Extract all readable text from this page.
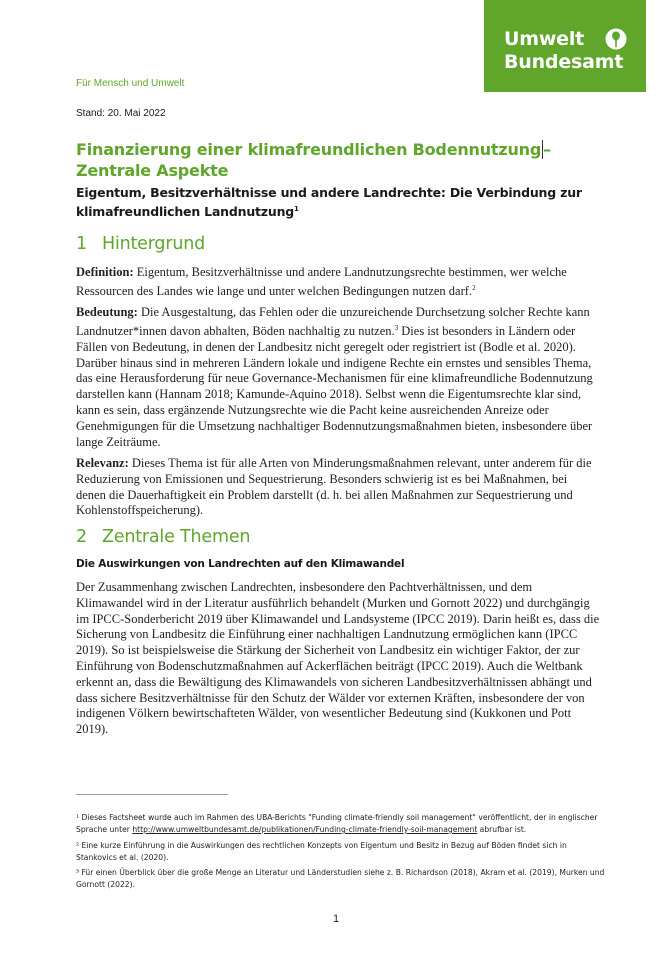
Umwelt
Bundesamt
Für Mensch und Umwelt
Stand: 20. Mai 2022
Finanzierung einer klimafreundlichen Bodennutzung –
Zentrale Aspekte
Eigentum, Besitzverhältnisse und andere Landrechte: Die Verbindung zur klimafreundlichen Landnutzung$^1$
1 Hintergrund
Definition: Eigentum, Besitzverhältnisse und andere Landnutzungsrechte bestimmen, wer welche Ressourcen des Landes wie lange und unter welchen Bedingungen nutzen darf.$^2$
Bedeutung: Die Ausgestaltung, das Fehlen oder die unzureichende Durchsetzung solcher Rechte kann Landnutzer*innen davon abhalten, Böden nachhaltig zu nutzen.$^3$ Dies ist besonders in Ländern oder Fällen von Bedeutung, in denen der Landbesitz nicht geregelt oder registriert ist (Bodle et al. 2020). Darüber hinaus sind in mehreren Ländern lokale und indigene Rechte ein ernstes und sensibles Thema, das eine Herausforderung für neue Governance-Mechanismen für eine klimafreundliche Bodennutzung darstellen kann (Hannam 2018; Kamunde-Aquino 2018). Selbst wenn die Eigentumsrechte klar sind, kann es sein, dass ergänzende Nutzungsrechte wie die Pacht keine ausreichenden Anreize oder Genehmigungen für die Umsetzung nachhaltiger Bodennutzungsmaßnahmen bieten, insbesondere über lange Zeiträume.
Relevanz: Dieses Thema ist für alle Arten von Minderungsmaßnahmen relevant, unter anderem für die Reduzierung von Emissionen und Sequestrierung. Besonders schwierig ist es bei Maßnahmen, bei denen die Dauerhaftigkeit ein Problem darstellt (d. h. bei allen Maßnahmen zur Sequestrierung und Kohlenstoffspeicherung).
2 Zentrale Themen
Die Auswirkungen von Landrechten auf den Klimawandel
Der Zusammenhang zwischen Landrechten, insbesondere den Pachtverhältnissen, und dem Klimawandel wird in der Literatur ausführlich behandelt (Murken und Gornott 2022) und durchgängig im IPCC-Sonderbericht 2019 über Klimawandel und Landsysteme (IPCC 2019). Darin heißt es, dass die Sicherung von Landbesitz die Einführung einer nachhaltigen Landnutzung ermöglichen kann (IPCC 2019). So ist beispielsweise die Stärkung der Sicherheit von Landbesitz ein wichtiger Faktor, der zur Einführung von Bodenschutzmaßnahmen auf Ackerflächen beiträgt (IPCC 2019). Auch die Weltbank erkennt an, dass die Bewältigung des Klimawandels von sicheren Landbesitzverhältnissen abhängt und dass sichere Besitzverhältnisse für den Schutz der Wälder vor externen Kräften, insbesondere der von indigenen Völkern bewirtschafteten Wälder, von wesentlicher Bedeutung sind (Kukkonen und Pott 2019).
¹ Dieses Factsheet wurde auch im Rahmen des UBA-Berichts "Funding climate-friendly soil management" veröffentlicht, der in englischer Sprache unter http://www.umweltbundesamt.de/publikationen/Funding-climate-friendly-soil-management abrufbar ist.
² Eine kurze Einführung in die Auswirkungen des rechtlichen Konzepts von Eigentum und Besitz in Bezug auf Böden findet sich in Stankovics et al. (2020).
³ Für einen Überblick über die große Menge an Literatur und Länderstudien siehe z. B. Richardson (2018), Akram et al. (2019), Murken und Gornott (2022).
1
